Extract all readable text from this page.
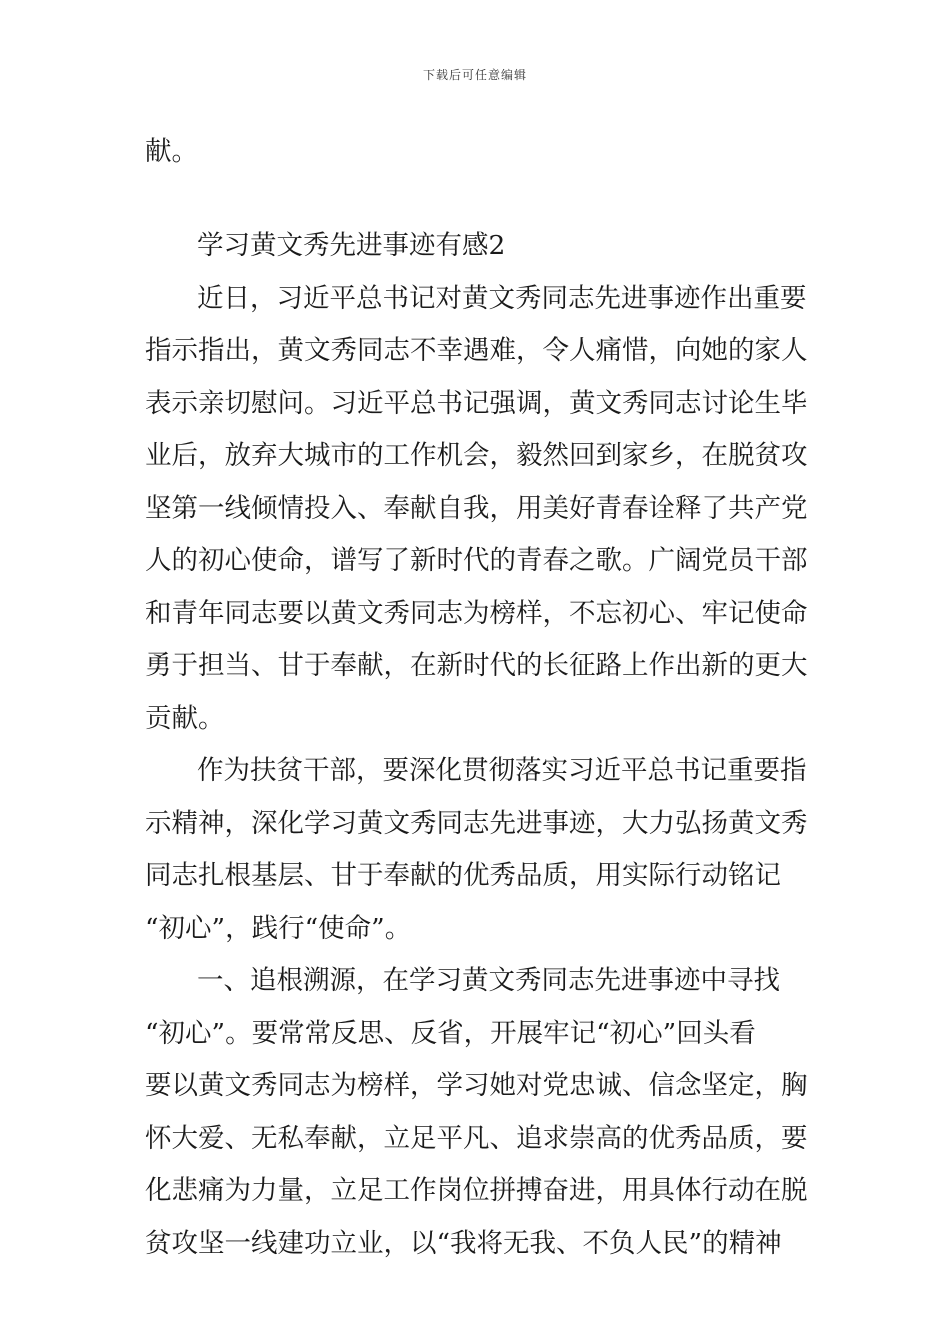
下载后可任意编辑
献。
学习黄文秀先进事迹有感2
近日，习近平总书记对黄文秀同志先进事迹作出重要
指示指出，黄文秀同志不幸遇难，令人痛惜，向她的家人
表示亲切慰问。习近平总书记强调，黄文秀同志讨论生毕
业后，放弃大城市的工作机会，毅然回到家乡，在脱贫攻
坚第一线倾情投入、奉献自我，用美好青春诠释了共产党
人的初心使命，谱写了新时代的青春之歌。广阔党员干部
和青年同志要以黄文秀同志为榜样，不忘初心、牢记使命
勇于担当、甘于奉献，在新时代的长征路上作出新的更大
贡献。
作为扶贫干部，要深化贯彻落实习近平总书记重要指
示精神，深化学习黄文秀同志先进事迹，大力弘扬黄文秀
同志扎根基层、甘于奉献的优秀品质，用实际行动铭记
“初心”，践行“使命”。
一、追根溯源，在学习黄文秀同志先进事迹中寻找
“初心”。要常常反思、反省，开展牢记“初心”回头看
要以黄文秀同志为榜样，学习她对党忠诚、信念坚定，胸
怀大爱、无私奉献，立足平凡、追求崇高的优秀品质，要
化悲痛为力量，立足工作岗位拼搏奋进，用具体行动在脱
贫攻坚一线建功立业，以“我将无我、不负人民”的精神
